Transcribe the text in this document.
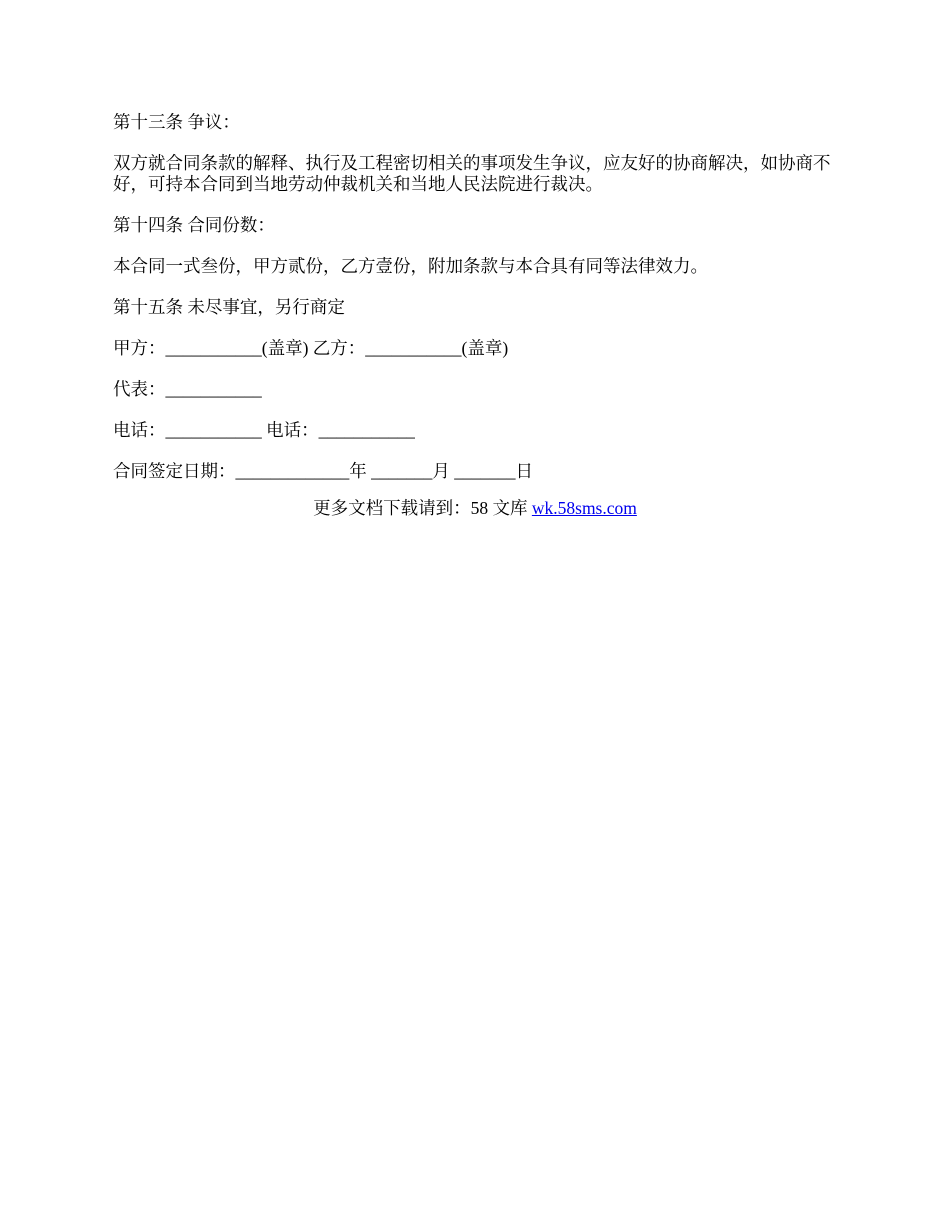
第十三条 争议：

双方就合同条款的解释、执行及工程密切相关的事项发生争议，应友好的协商解决，如协商不好，可持本合同到当地劳动仲裁机关和当地人民法院进行裁决。

第十四条 合同份数：

本合同一式叁份，甲方贰份，乙方壹份，附加条款与本合具有同等法律效力。

第十五条 未尽事宜，另行商定

甲方：___________(盖章) 乙方：___________(盖章)

代表：___________

电话：___________ 电话：___________

合同签定日期：_____________年 _______月 _______日

更多文档下载请到：58 文库 wk.58sms.com
